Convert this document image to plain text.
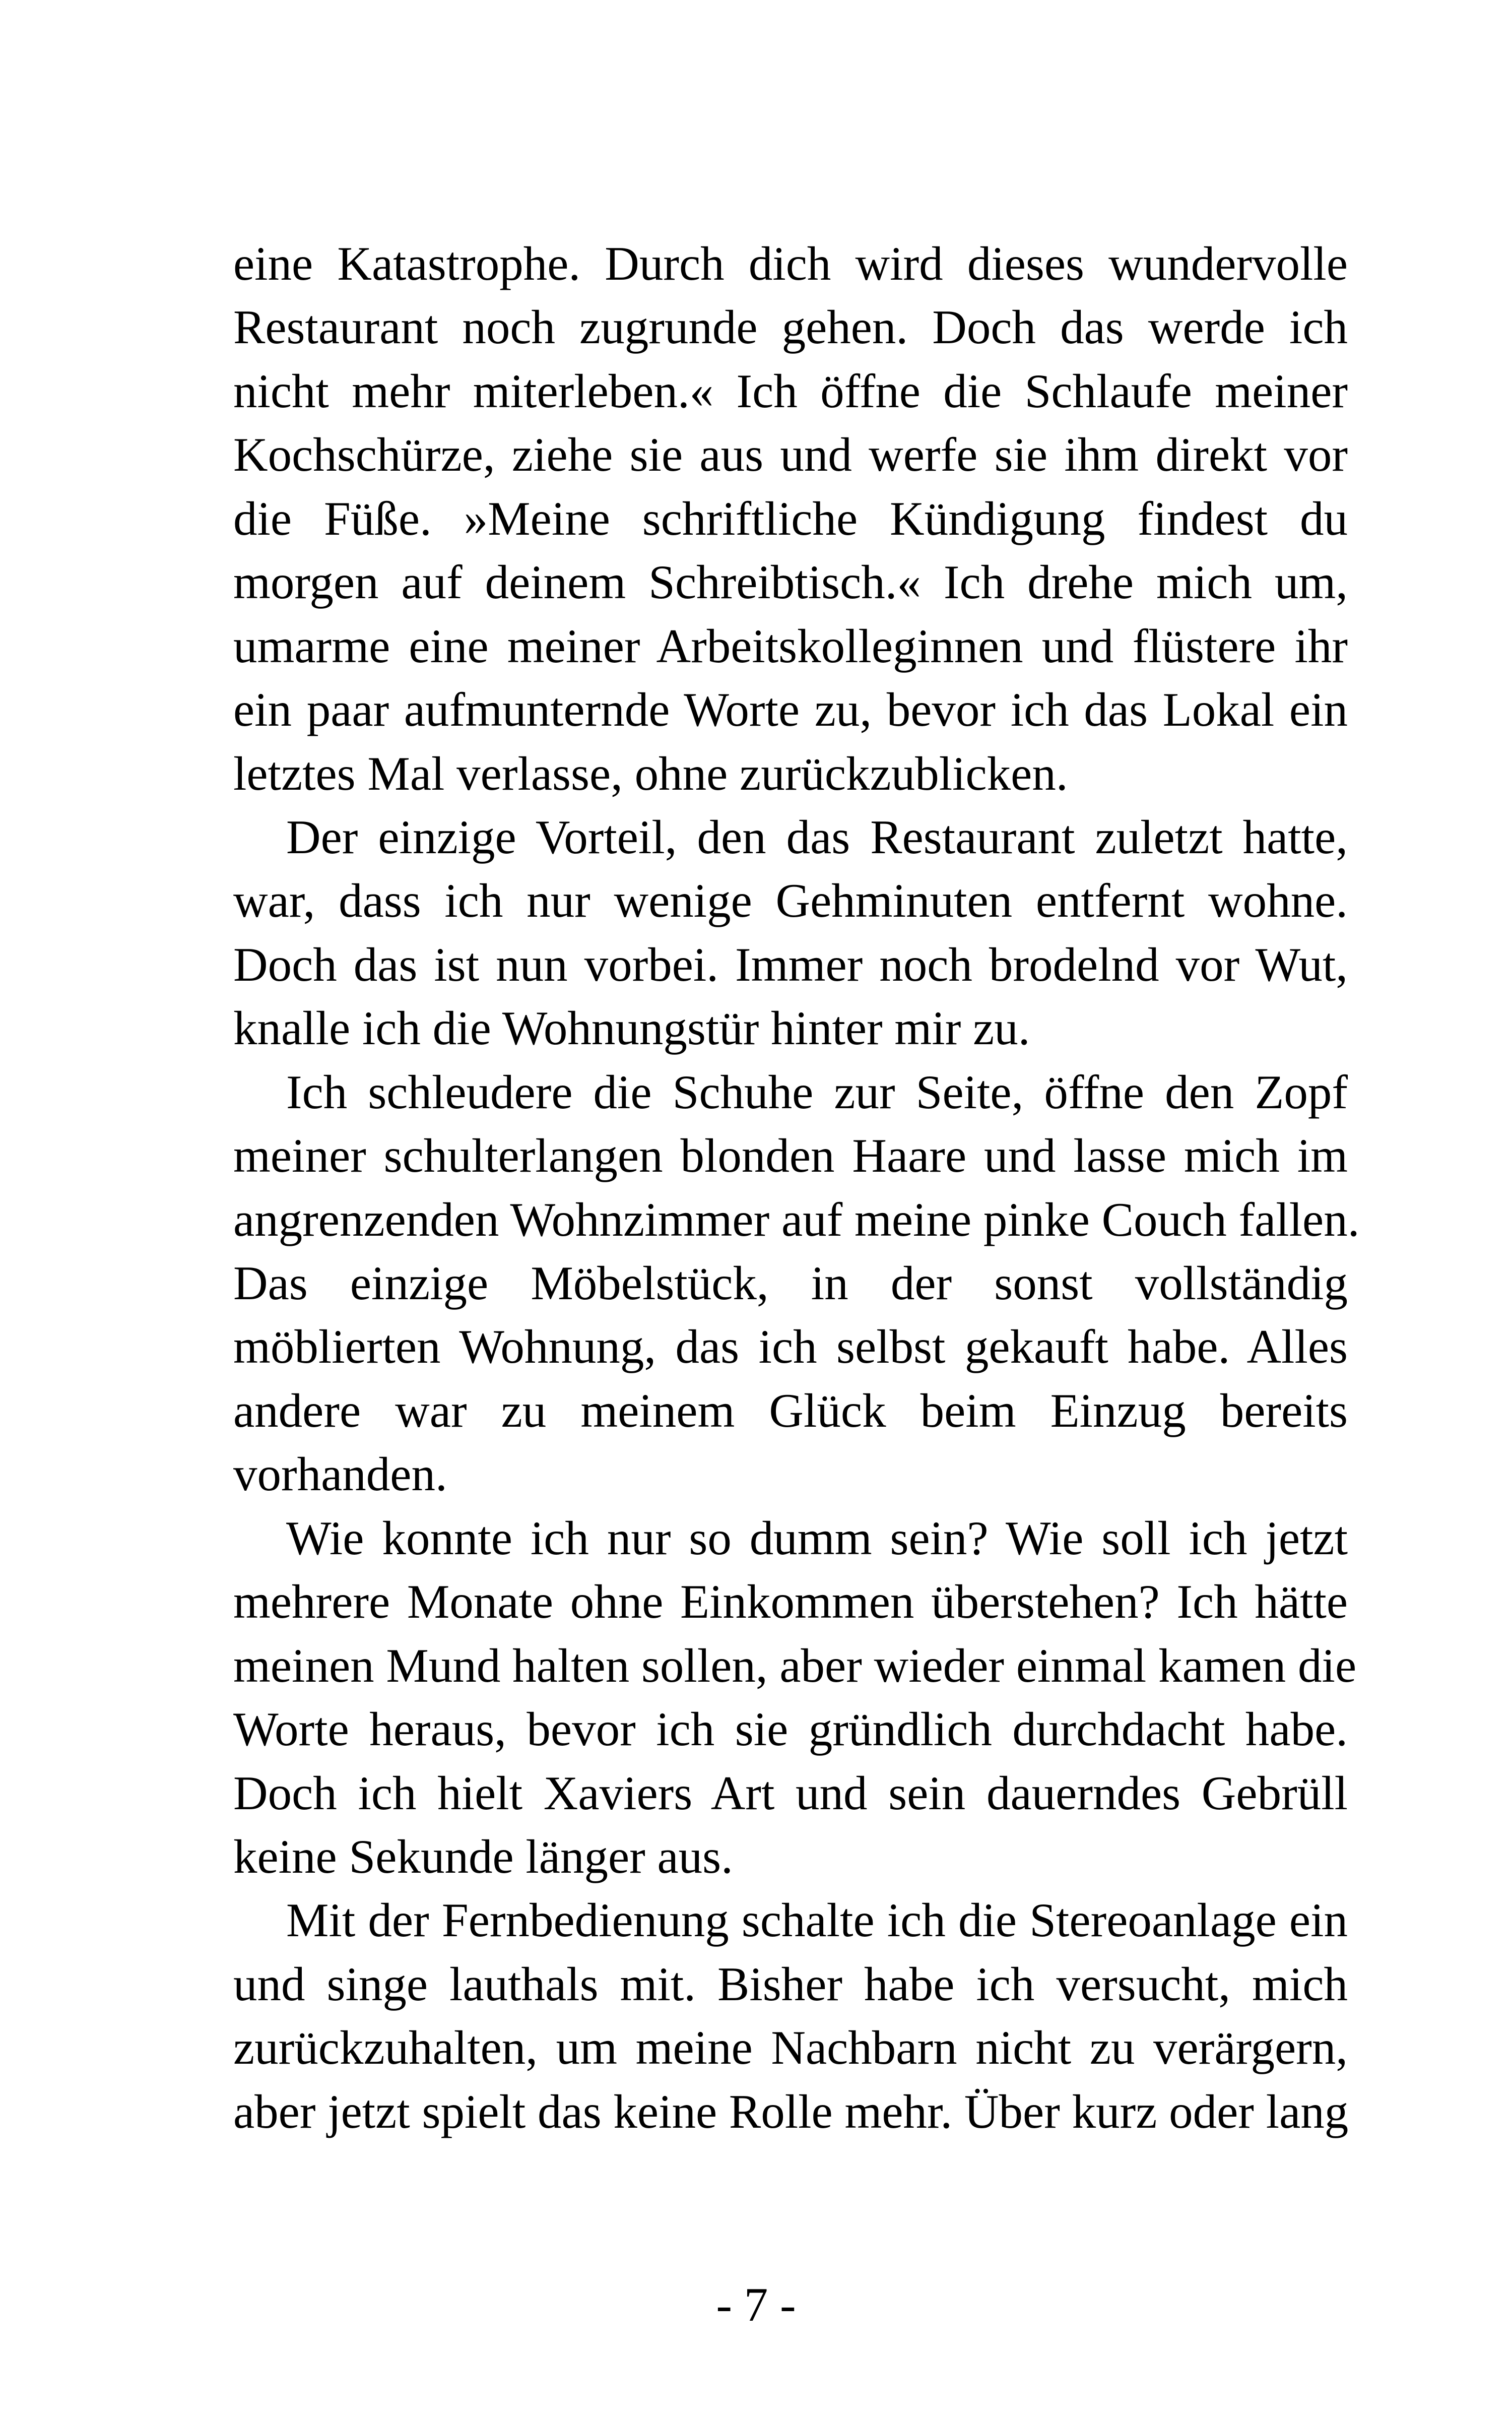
eine Katastrophe. Durch dich wird dieses wundervolle
Restaurant noch zugrunde gehen. Doch das werde ich
nicht mehr miterleben.« Ich öffne die Schlaufe meiner
Kochschürze, ziehe sie aus und werfe sie ihm direkt vor
die Füße. »Meine schriftliche Kündigung findest du
morgen auf deinem Schreibtisch.« Ich drehe mich um,
umarme eine meiner Arbeitskolleginnen und flüstere ihr
ein paar aufmunternde Worte zu, bevor ich das Lokal ein
letztes Mal verlasse, ohne zurückzublicken.
Der einzige Vorteil, den das Restaurant zuletzt hatte,
war, dass ich nur wenige Gehminuten entfernt wohne.
Doch das ist nun vorbei. Immer noch brodelnd vor Wut,
knalle ich die Wohnungstür hinter mir zu.
Ich schleudere die Schuhe zur Seite, öffne den Zopf
meiner schulterlangen blonden Haare und lasse mich im
angrenzenden Wohnzimmer auf meine pinke Couch fallen.
Das einzige Möbelstück, in der sonst vollständig
möblierten Wohnung, das ich selbst gekauft habe. Alles
andere war zu meinem Glück beim Einzug bereits
vorhanden.
Wie konnte ich nur so dumm sein? Wie soll ich jetzt
mehrere Monate ohne Einkommen überstehen? Ich hätte
meinen Mund halten sollen, aber wieder einmal kamen die
Worte heraus, bevor ich sie gründlich durchdacht habe.
Doch ich hielt Xaviers Art und sein dauerndes Gebrüll
keine Sekunde länger aus.
Mit der Fernbedienung schalte ich die Stereoanlage ein
und singe lauthals mit. Bisher habe ich versucht, mich
zurückzuhalten, um meine Nachbarn nicht zu verärgern,
aber jetzt spielt das keine Rolle mehr. Über kurz oder lang
- 7 -
